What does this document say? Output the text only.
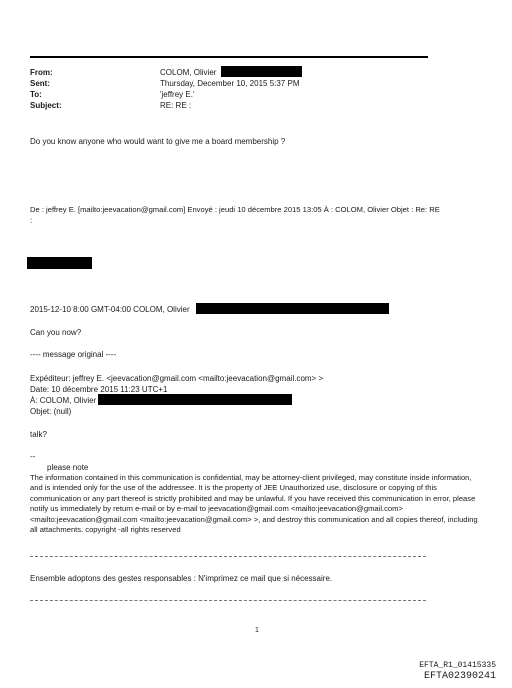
From:	COLOM, Olivier
Sent:	Thursday, December 10, 2015 5:37 PM
To:	'jeffrey E.'
Subject:	RE: RE :
Do you know anyone who would want to give me a board membership ?
De : jeffrey E. [mailto:jeevacation@gmail.com] Envoyé : jeudi 10 décembre 2015 13:05 À : COLOM, Olivier Objet : Re: RE
:
2015-12-10 8:00 GMT-04:00 COLOM, Olivier
Can you now?
---- message original ----
Expéditeur: jeffrey E. <jeevacation@gmail.com <mailto:jeevacation@gmail.com> >
Date: 10 décembre 2015 11:23 UTC+1
À: COLOM, Olivier
Objet: (null)
talk?
--
please note
The information contained in this communication is confidential, may be attorney-client privileged, may constitute inside information, and is intended only for the use of the addressee. It is the property of JEE Unauthorized use, disclosure or copying of this communication or any part thereof is strictly prohibited and may be unlawful. If you have received this communication in error, please notify us immediately by return e-mail or by e-mail to jeevacation@gmail.com <mailto:jeevacation@gmail.com> <mailto:jeevacation@gmail.com <mailto:jeevacation@gmail.com> >, and destroy this communication and all copies thereof, including all attachments. copyright -all rights reserved
Ensemble adoptons des gestes responsables : N'imprimez ce mail que si nécessaire.
1
EFTA_R1_01415335
EFTA02390241
